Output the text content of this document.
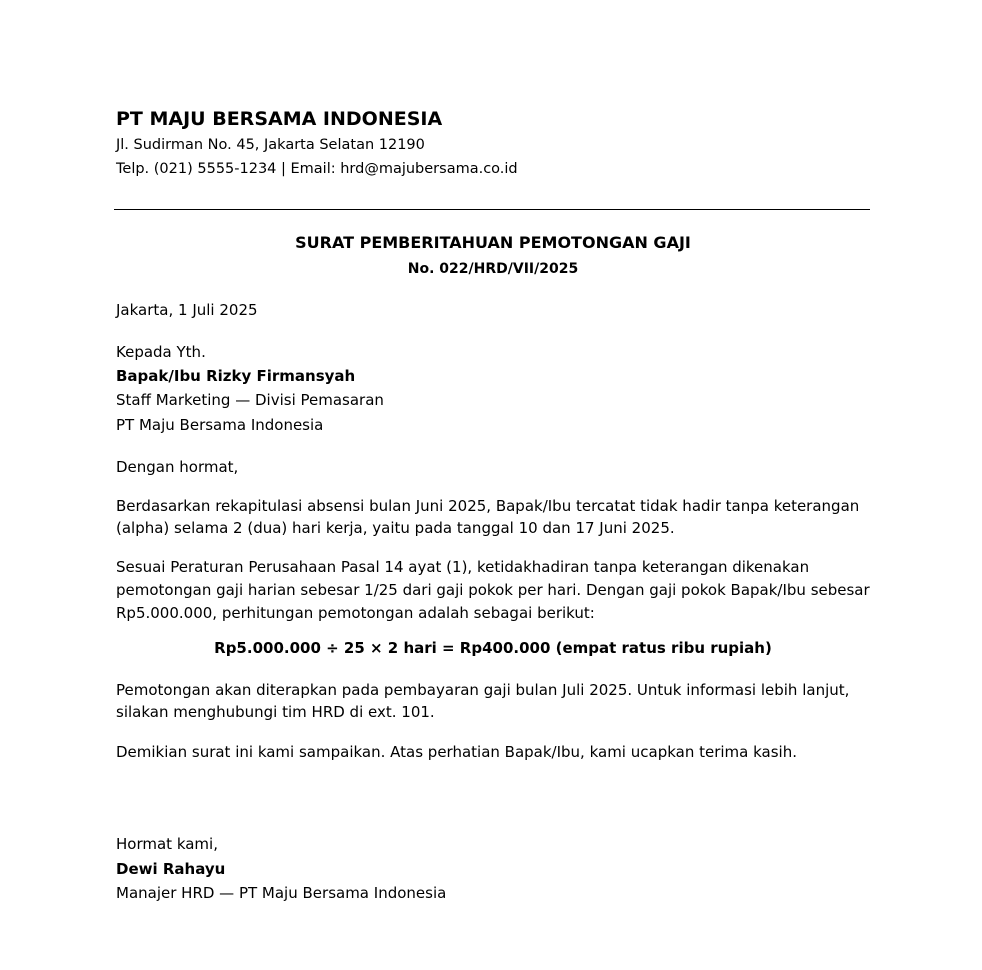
PT MAJU BERSAMA INDONESIA
Jl. Sudirman No. 45, Jakarta Selatan 12190
Telp. (021) 5555-1234 | Email: hrd@majubersama.co.id
SURAT PEMBERITAHUAN PEMOTONGAN GAJI
No. 022/HRD/VII/2025
Jakarta, 1 Juli 2025
Kepada Yth.
Bapak/Ibu Rizky Firmansyah
Staff Marketing — Divisi Pemasaran
PT Maju Bersama Indonesia
Dengan hormat,
Berdasarkan rekapitulasi absensi bulan Juni 2025, Bapak/Ibu tercatat tidak hadir tanpa keterangan
(alpha) selama 2 (dua) hari kerja, yaitu pada tanggal 10 dan 17 Juni 2025.
Sesuai Peraturan Perusahaan Pasal 14 ayat (1), ketidakhadiran tanpa keterangan dikenakan
pemotongan gaji harian sebesar 1/25 dari gaji pokok per hari. Dengan gaji pokok Bapak/Ibu sebesar
Rp5.000.000, perhitungan pemotongan adalah sebagai berikut:
Rp5.000.000 ÷ 25 × 2 hari = Rp400.000 (empat ratus ribu rupiah)
Pemotongan akan diterapkan pada pembayaran gaji bulan Juli 2025. Untuk informasi lebih lanjut,
silakan menghubungi tim HRD di ext. 101.
Demikian surat ini kami sampaikan. Atas perhatian Bapak/Ibu, kami ucapkan terima kasih.
Hormat kami,
Dewi Rahayu
Manajer HRD — PT Maju Bersama Indonesia
